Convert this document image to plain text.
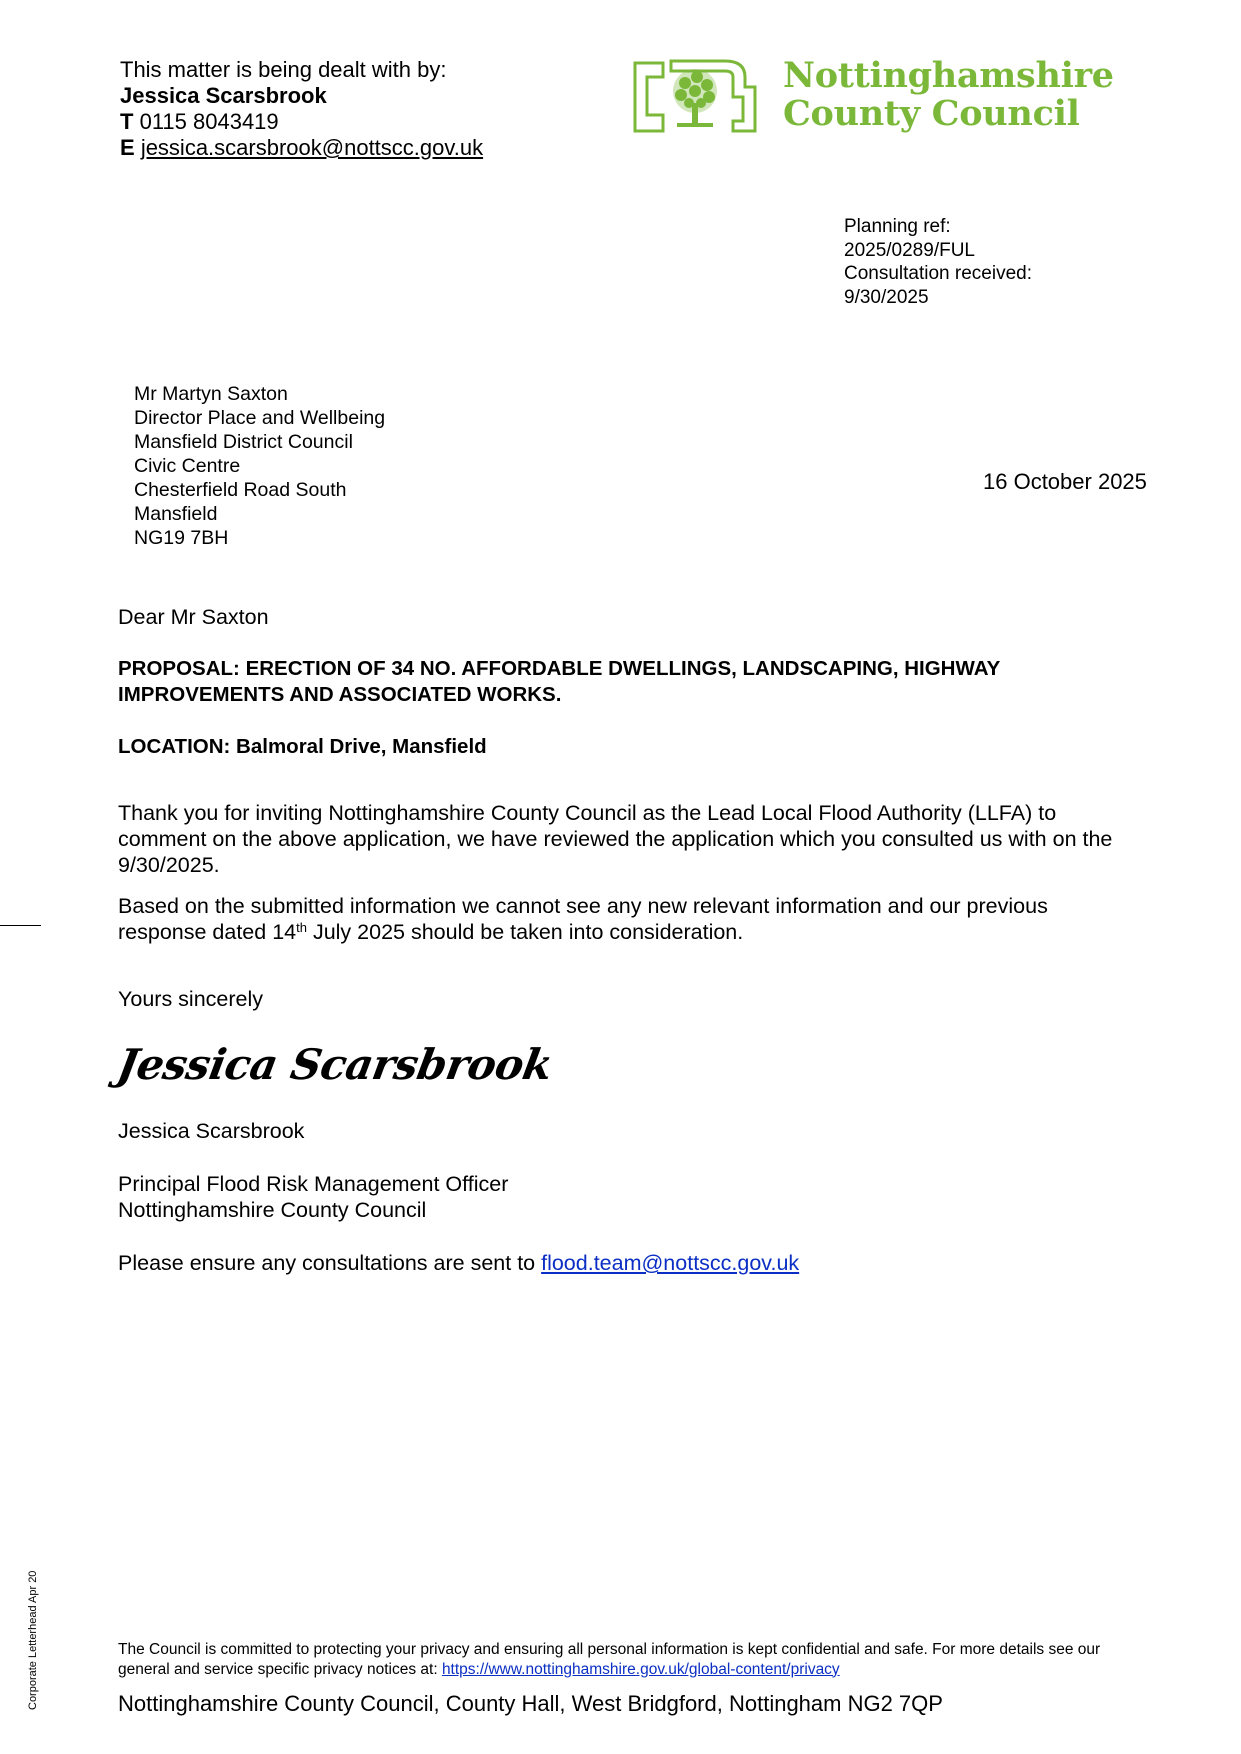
This matter is being dealt with by:
Jessica Scarsbrook
T 0115 8043419
E jessica.scarsbrook@nottscc.gov.uk
Nottinghamshire
County Council
Planning ref:
2025/0289/FUL
Consultation received:
9/30/2025
Mr Martyn Saxton
Director Place and Wellbeing
Mansfield District Council
Civic Centre
Chesterfield Road South
Mansfield
NG19 7BH
16 October 2025
Dear Mr Saxton
PROPOSAL: ERECTION OF 34 NO. AFFORDABLE DWELLINGS, LANDSCAPING, HIGHWAY IMPROVEMENTS AND ASSOCIATED WORKS.
LOCATION: Balmoral Drive, Mansfield
Thank you for inviting Nottinghamshire County Council as the Lead Local Flood Authority (LLFA) to comment on the above application, we have reviewed the application which you consulted us with on the 9/30/2025.
Based on the submitted information we cannot see any new relevant information and our previous response dated 14th July 2025 should be taken into consideration.
Yours sincerely
Jessica Scarsbrook
Jessica Scarsbrook
Principal Flood Risk Management Officer
Nottinghamshire County Council
Please ensure any consultations are sent to flood.team@nottscc.gov.uk
The Council is committed to protecting your privacy and ensuring all personal information is kept confidential and safe. For more details see our general and service specific privacy notices at: https://www.nottinghamshire.gov.uk/global-content/privacy
Nottinghamshire County Council, County Hall, West Bridgford, Nottingham NG2 7QP
Corporate Letterhead Apr 20
